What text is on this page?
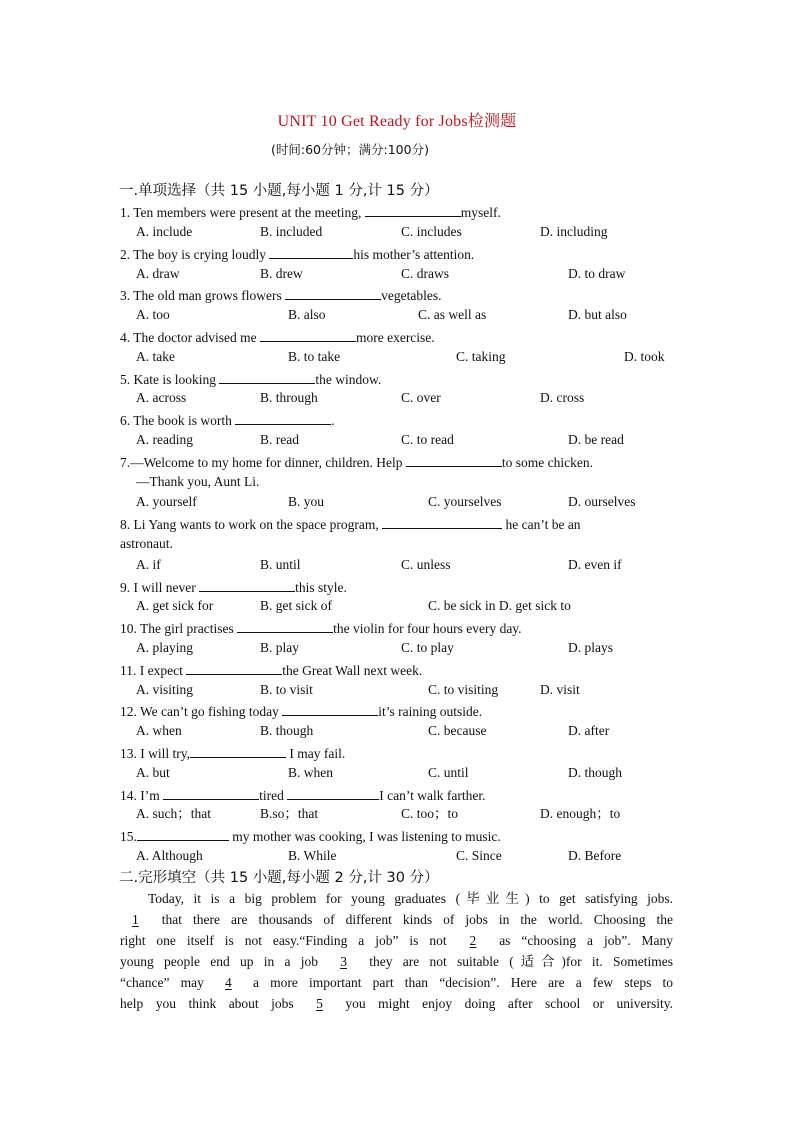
UNIT 10 Get Ready for Jobs检测题
(时间:60分钟；满分:100分)
一.单项选择（共 15 小题,每小题 1 分,计 15 分）
1. Ten members were present at the meeting,	myself.
A. include	B. included	C. includes	D. including
2. The boy is crying loudly	his mother’s attention.
A. draw	B. drew	C. draws	D. to draw
3. The old man grows flowers	vegetables.
A. too	B. also	C. as well as	D. but also
4. The doctor advised me	more exercise.
A. take	B. to take	C. taking	D. took
5. Kate is looking	the window.
A. across	B. through	C. over	D. cross
6. The book is worth	.
A. reading	B. read	C. to read	D. be read
7.—Welcome to my home for dinner, children. Help	to some chicken.
—Thank you, Aunt Li.
A. yourself	B. you	C. yourselves	D. ourselves
8. Li Yang wants to work on the space program,	he can’t be an
astronaut.
A. if	B. until	C. unless	D. even if
9. I will never	this style.
A. get sick for	B. get sick of	C. be sick in D. get sick to
10. The girl practises	the violin for four hours every day.
A. playing	B. play	C. to play	D. plays
11. I expect	the Great Wall next week.
A. visiting	B. to visit	C. to visiting	D. visit
12. We can’t go fishing today	it’s raining outside.
A. when	B. though	C. because	D. after
13. I will try,	I may fail.
A. but	B. when	C. until	D. though
14. I’m	tired	I can’t walk farther.
A. such；that	B.so；that	C. too；to	D. enough；to
15.	my mother was cooking, I was listening to music.
A. Although	B. While	C. Since	D. Before
二.完形填空（共 15 小题,每小题 2 分,计 30 分）
Today, it is a big problem for young graduates (毕业生) to get satisfying jobs.
1 that there are thousands of different kinds of jobs in the world. Choosing the
right one itself is not easy.“Finding a job” is not 2 as “choosing a job”. Many
young people end up in a job 3 they are not suitable (适合)for it. Sometimes
“chance” may 4 a more important part than “decision”. Here are a few steps to
help you think about jobs 5 you might enjoy doing after school or university.
